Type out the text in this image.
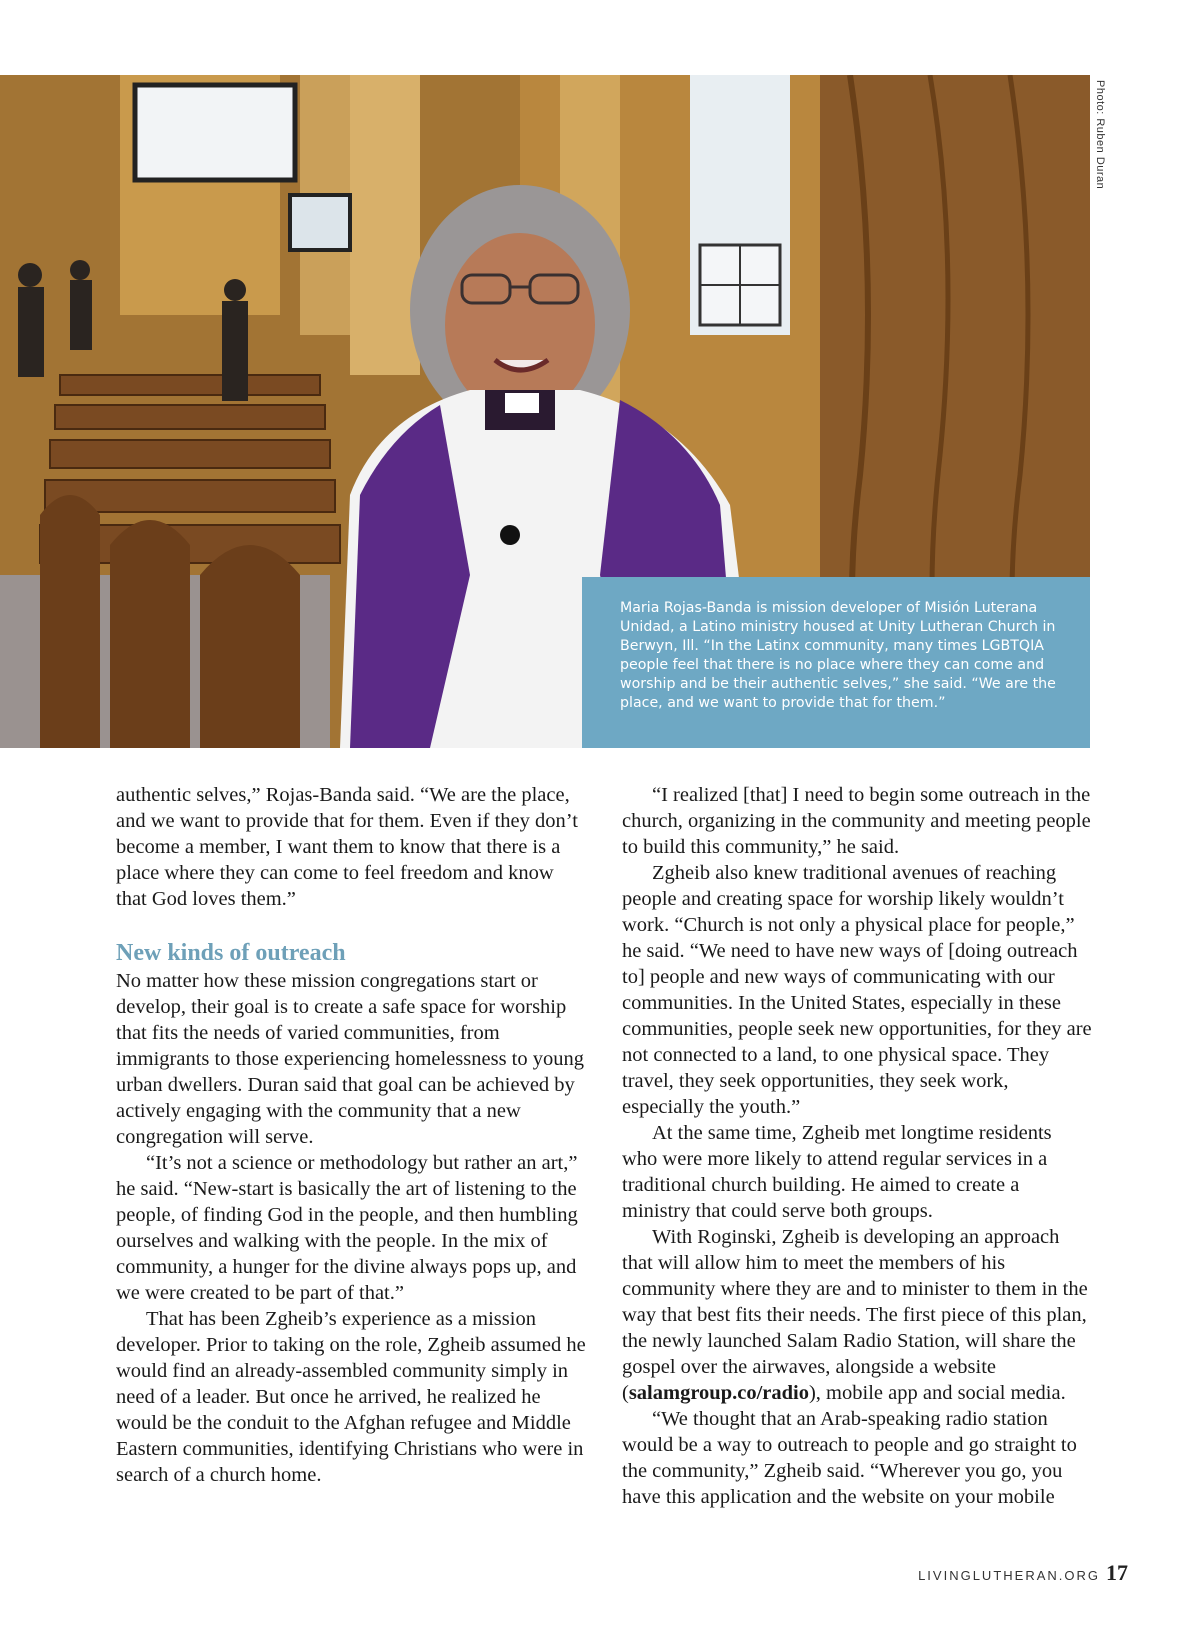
Photo: Ruben Duran
Maria Rojas-Banda is mission developer of Misión Luterana Unidad, a Latino ministry housed at Unity Lutheran Church in Berwyn, Ill. “In the Latinx community, many times LGBTQIA people feel that there is no place where they can come and worship and be their authentic selves,” she said. “We are the place, and we want to provide that for them.”

authentic selves,” Rojas-Banda said. “We are the place, and we want to provide that for them. Even if they don’t become a member, I want them to know that there is a place where they can come to feel freedom and know that God loves them.”

New kinds of outreach

No matter how these mission congregations start or develop, their goal is to create a safe space for worship that fits the needs of varied communities, from immigrants to those experiencing homelessness to young urban dwellers. Duran said that goal can be achieved by actively engaging with the community that a new congregation will serve.

“It’s not a science or methodology but rather an art,” he said. “New-start is basically the art of listening to the people, of finding God in the people, and then humbling ourselves and walking with the people. In the mix of community, a hunger for the divine always pops up, and we were created to be part of that.”

That has been Zgheib’s experience as a mission developer. Prior to taking on the role, Zgheib assumed he would find an already-assembled community simply in need of a leader. But once he arrived, he realized he would be the conduit to the Afghan refugee and Middle Eastern communities, identifying Christians who were in search of a church home.

“I realized [that] I need to begin some outreach in the church, organizing in the community and meeting people to build this community,” he said.

Zgheib also knew traditional avenues of reaching people and creating space for worship likely wouldn’t work. “Church is not only a physical place for people,” he said. “We need to have new ways of [doing outreach to] people and new ways of communicating with our communities. In the United States, especially in these communities, people seek new opportunities, for they are not connected to a land, to one physical space. They travel, they seek opportunities, they seek work, especially the youth.”

At the same time, Zgheib met longtime residents who were more likely to attend regular services in a traditional church building. He aimed to create a ministry that could serve both groups.

With Roginski, Zgheib is developing an approach that will allow him to meet the members of his community where they are and to minister to them in the way that best fits their needs. The first piece of this plan, the newly launched Salam Radio Station, will share the gospel over the airwaves, alongside a website (salamgroup.co/radio), mobile app and social media.

“We thought that an Arab-speaking radio station would be a way to outreach to people and go straight to the community,” Zgheib said. “Wherever you go, you have this application and the website on your mobile

LIVINGLUTHERAN.ORG 17
